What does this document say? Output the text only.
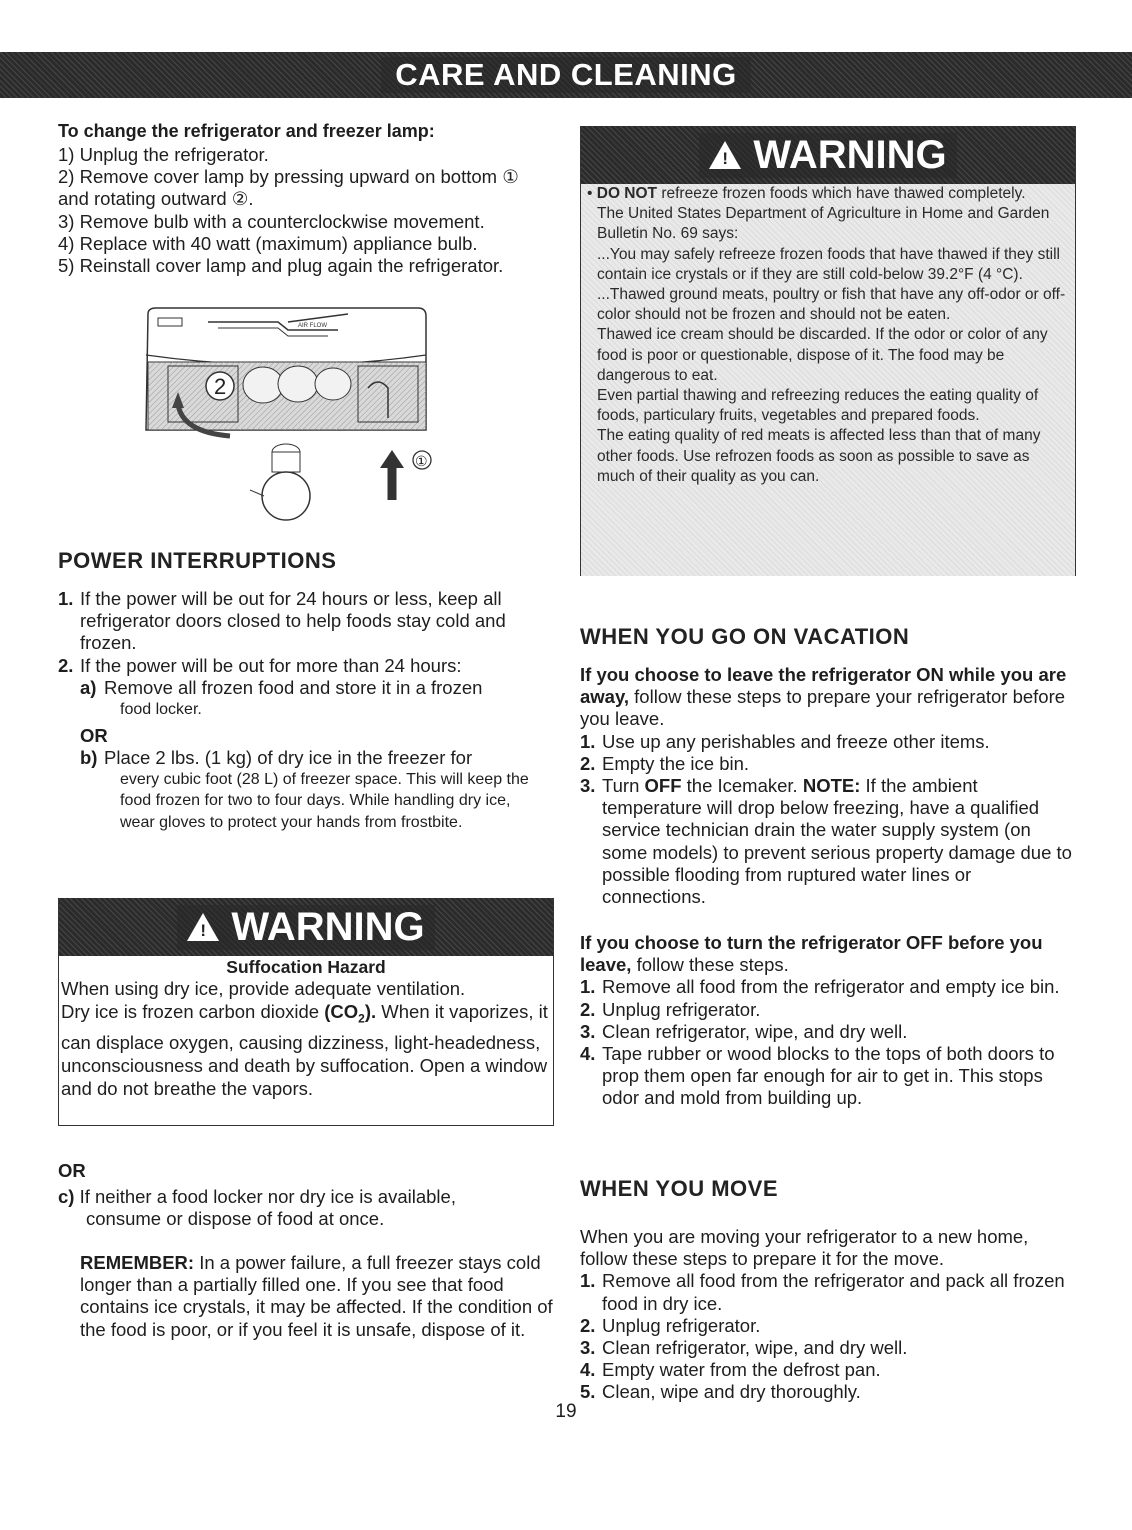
CARE AND CLEANING
To change the refrigerator and freezer lamp:
1) Unplug the refrigerator.
2) Remove cover lamp by pressing upward on bottom ①
and rotating outward ②.
3) Remove bulb with a counterclockwise movement.
4) Replace with 40 watt (maximum) appliance bulb.
5) Reinstall cover lamp and plug again the refrigerator.
AIR FLOW
2
①
POWER INTERRUPTIONS
1. If the power will be out for 24 hours or less, keep all refrigerator doors closed to help foods stay cold and frozen.
2. If the power will be out for more than 24 hours:
a) Remove all frozen food and store it in a frozen
food locker.
OR
b) Place 2 lbs. (1 kg) of dry ice in the freezer for
every cubic foot (28 L) of freezer space. This will keep the food frozen for two to four days. While handling dry ice, wear gloves to protect your hands from frostbite.
! WARNING
Suffocation Hazard
When using dry ice, provide adequate ventilation.
Dry ice is frozen carbon dioxide $(CO_2)$. When it vaporizes, it can displace oxygen, causing dizziness, light-headedness, unconsciousness and death by suffocation. Open a window and do not breathe the vapors.
OR
c) If neither a food locker nor dry ice is available,
consume or dispose of food at once.
REMEMBER: In a power failure, a full freezer stays cold longer than a partially filled one. If you see that food contains ice crystals, it may be affected. If the condition of the food is poor, or if you feel it is unsafe, dispose of it.
! WARNING

• DO NOT refreeze frozen foods which have thawed completely.

The United States Department of Agriculture in Home and Garden Bulletin No. 69 says:

...You may safely refreeze frozen foods that have thawed if they still contain ice crystals or if they are still cold-below 39.2°F (4 °C).

...Thawed ground meats, poultry or fish that have any off-odor or off-color should not be frozen and should not be eaten.

Thawed ice cream should be discarded. If the odor or color of any food is poor or questionable, dispose of it. The food may be dangerous to eat.

Even partial thawing and refreezing reduces the eating quality of foods, particulary fruits, vegetables and prepared foods.

The eating quality of red meats is affected less than that of many other foods. Use refrozen foods as soon as possible to save as much of their quality as you can.

WHEN YOU GO ON VACATION
If you choose to leave the refrigerator ON while you are away, follow these steps to prepare your refrigerator before you leave.
1. Use up any perishables and freeze other items.
2. Empty the ice bin.
3. Turn OFF the Icemaker. NOTE: If the ambient temperature will drop below freezing, have a qualified service technician drain the water supply system (on some models) to prevent serious property damage due to possible flooding from ruptured water lines or connections.
If you choose to turn the refrigerator OFF before you leave, follow these steps.
1. Remove all food from the refrigerator and empty ice bin.
2. Unplug refrigerator.
3. Clean refrigerator, wipe, and dry well.
4. Tape rubber or wood blocks to the tops of both doors to prop them open far enough for air to get in. This stops odor and mold from building up.
WHEN YOU MOVE
When you are moving your refrigerator to a new home, follow these steps to prepare it for the move.
1. Remove all food from the refrigerator and pack all frozen food in dry ice.
2. Unplug refrigerator.
3. Clean refrigerator, wipe, and dry well.
4. Empty water from the defrost pan.
5. Clean, wipe and dry thoroughly.
19
